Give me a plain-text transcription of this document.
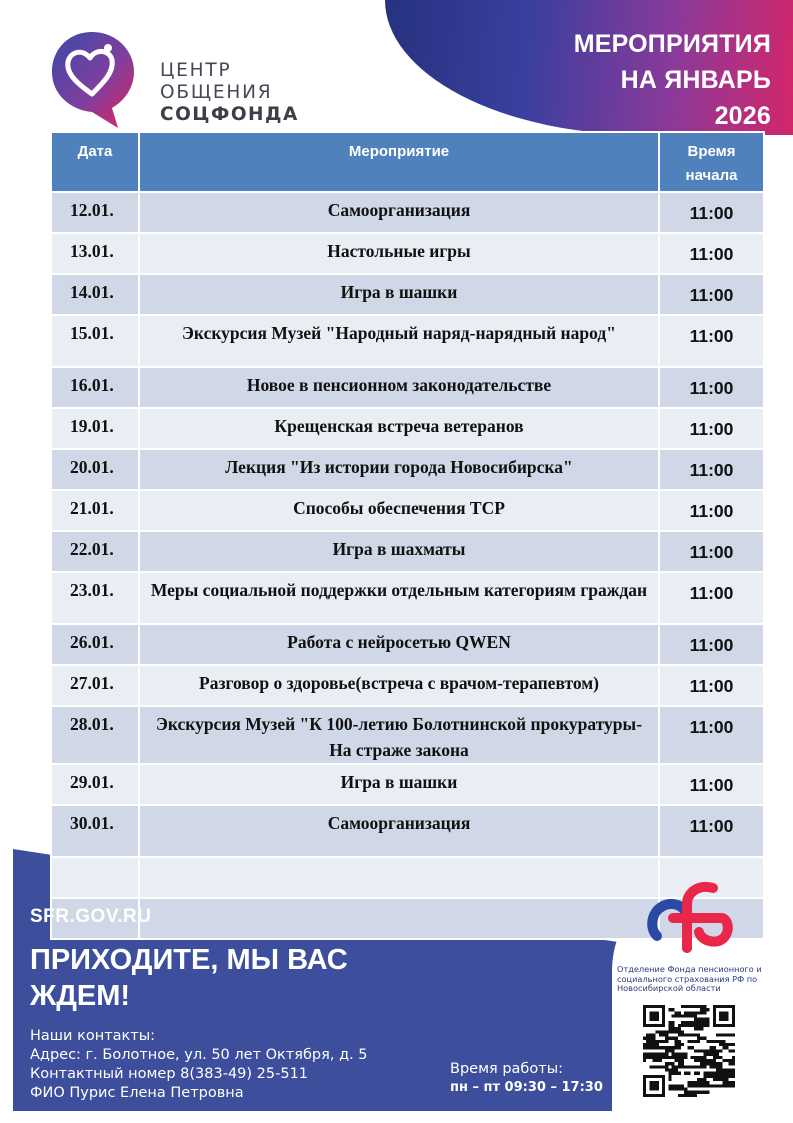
МЕРОПРИЯТИЯ
НА ЯНВАРЬ
2026
ЦЕНТР
ОБЩЕНИЯ
СОЦФОНДА
Дата	Мероприятие	Время начала
12.01.	Самоорганизация	11:00
13.01.	Настольные игры	11:00
14.01.	Игра в шашки	11:00
15.01.	Экскурсия Музей "Народный наряд-нарядный народ"	11:00
16.01.	Новое в пенсионном законодательстве	11:00
19.01.	Крещенская встреча ветеранов	11:00
20.01.	Лекция "Из истории города Новосибирска"	11:00
21.01.	Способы обеспечения ТСР	11:00
22.01.	Игра в шахматы	11:00
23.01.	Меры социальной поддержки отдельным категориям граждан	11:00
26.01.	Работа с нейросетью QWEN	11:00
27.01.	Разговор о здоровье(встреча с врачом-терапевтом)	11:00
28.01.	Экскурсия Музей "К 100-летию Болотнинской прокуратуры- На страже закона	11:00
29.01.	Игра в шашки	11:00
30.01.	Самоорганизация	11:00

SFR.GOV.RU
ПРИХОДИТЕ, МЫ ВАС
ЖДЕМ!
Наши контакты:
Адрес: г. Болотное, ул. 50 лет Октября, д. 5
Контактный номер 8(383-49) 25-511
ФИО Пурис Елена Петровна
Время работы:
пн – пт 09:30 – 17:30
Отделение Фонда пенсионного и социального страхования РФ по Новосибирской области
